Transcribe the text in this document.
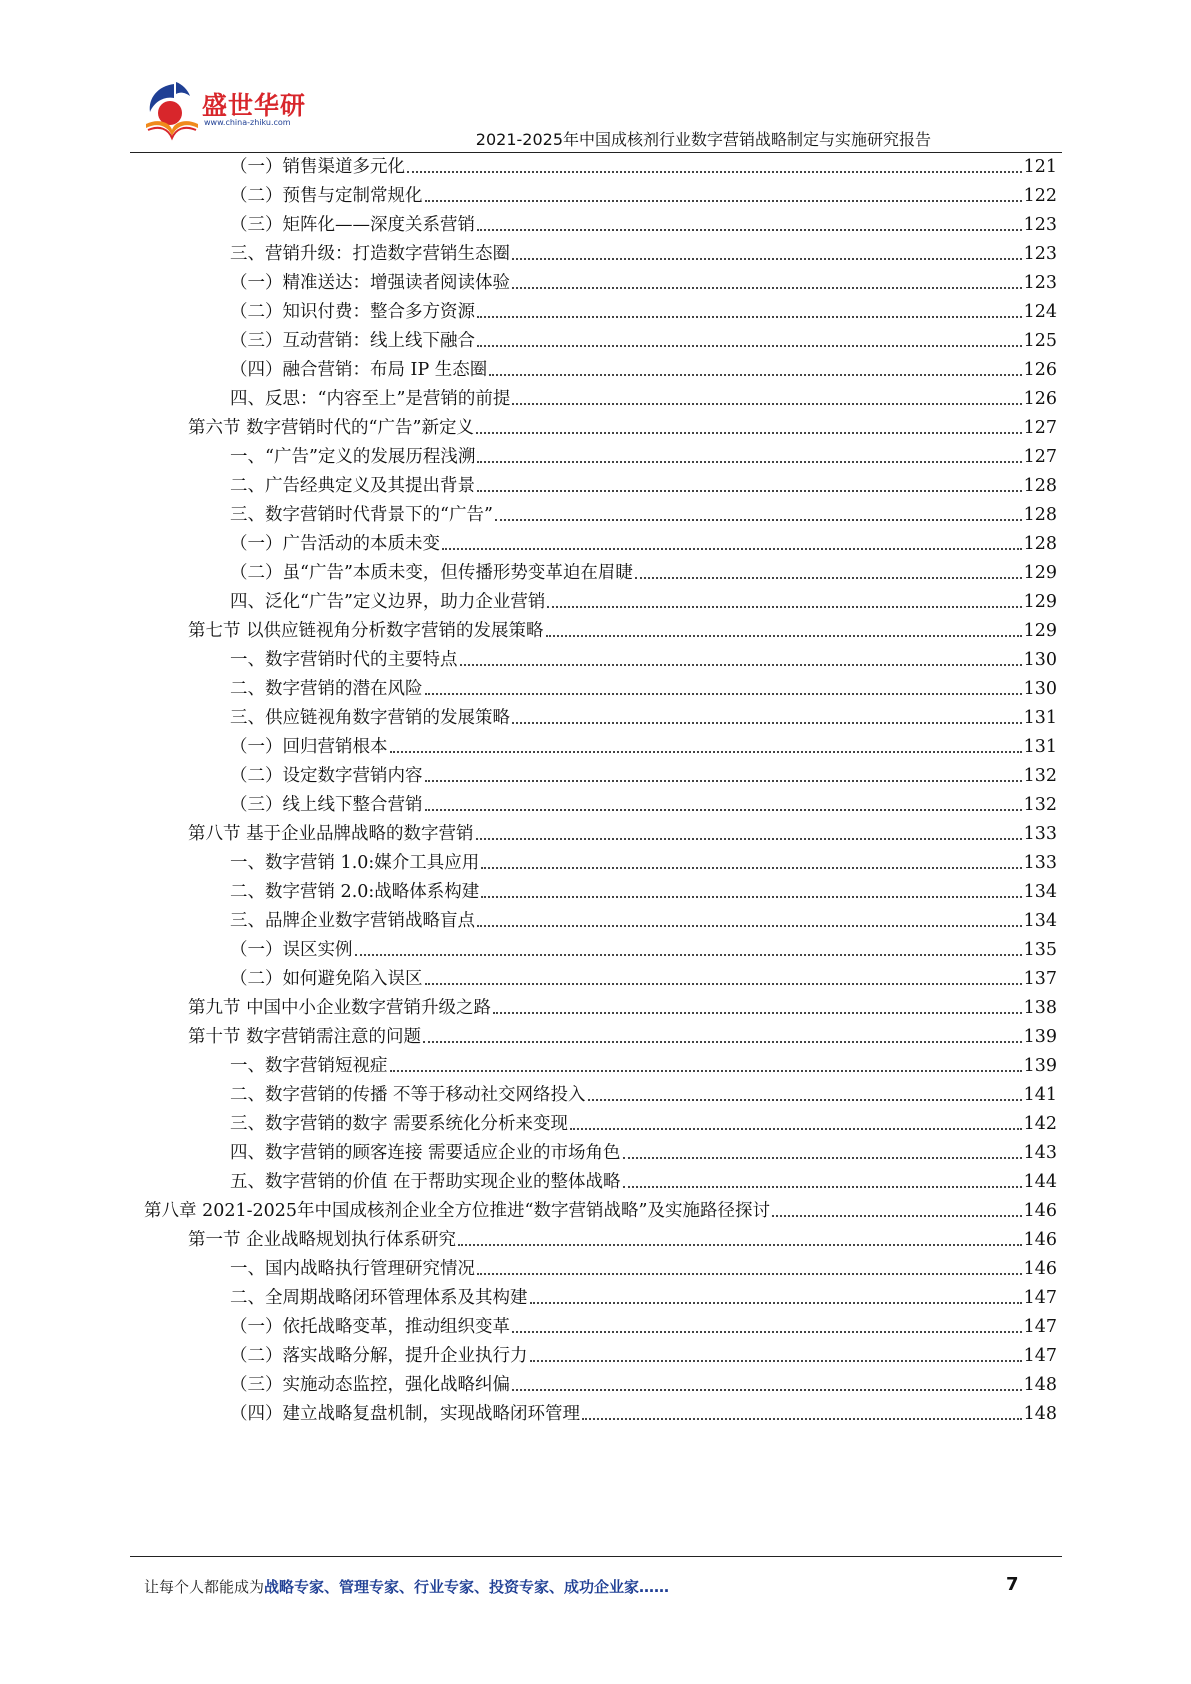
盛世华研
www.china-zhiku.com
2021-2025年中国成核剂行业数字营销战略制定与实施研究报告
（一）销售渠道多元化	121
（二）预售与定制常规化	122
（三）矩阵化——深度关系营销	123
三、营销升级：打造数字营销生态圈	123
（一）精准送达：增强读者阅读体验	123
（二）知识付费：整合多方资源	124
（三）互动营销：线上线下融合	125
（四）融合营销：布局 IP 生态圈	126
四、反思：“内容至上”是营销的前提	126
第六节 数字营销时代的“广告”新定义	127
一、“广告”定义的发展历程浅溯	127
二、广告经典定义及其提出背景	128
三、数字营销时代背景下的“广告”	128
（一）广告活动的本质未变	128
（二）虽“广告”本质未变，但传播形势变革迫在眉睫	129
四、泛化“广告”定义边界，助力企业营销	129
第七节 以供应链视角分析数字营销的发展策略	129
一、数字营销时代的主要特点	130
二、数字营销的潜在风险	130
三、供应链视角数字营销的发展策略	131
（一）回归营销根本	131
（二）设定数字营销内容	132
（三）线上线下整合营销	132
第八节 基于企业品牌战略的数字营销	133
一、数字营销 1.0:媒介工具应用	133
二、数字营销 2.0:战略体系构建	134
三、品牌企业数字营销战略盲点	134
（一）误区实例	135
（二）如何避免陷入误区	137
第九节 中国中小企业数字营销升级之路	138
第十节 数字营销需注意的问题	139
一、数字营销短视症	139
二、数字营销的传播 不等于移动社交网络投入	141
三、数字营销的数字 需要系统化分析来变现	142
四、数字营销的顾客连接 需要适应企业的市场角色	143
五、数字营销的价值 在于帮助实现企业的整体战略	144
第八章 2021-2025年中国成核剂企业全方位推进“数字营销战略”及实施路径探讨	146
第一节 企业战略规划执行体系研究	146
一、国内战略执行管理研究情况	146
二、全周期战略闭环管理体系及其构建	147
（一）依托战略变革，推动组织变革	147
（二）落实战略分解，提升企业执行力	147
（三）实施动态监控，强化战略纠偏	148
（四）建立战略复盘机制，实现战略闭环管理	148
让每个人都能成为战略专家、管理专家、行业专家、投资专家、成功企业家……	7
